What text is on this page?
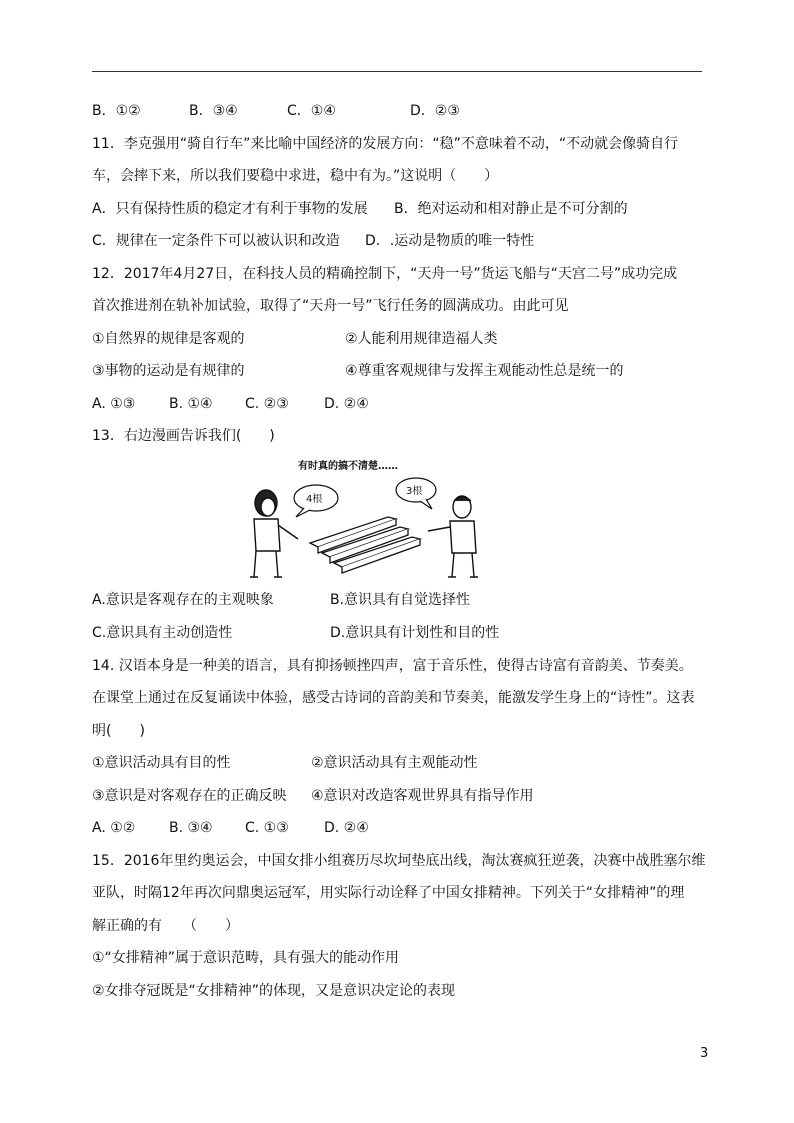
B．①②	B．③④	C．①④	D．②③
11．李克强用“骑自行车”来比喻中国经济的发展方向：“稳”不意味着不动，“不动就会像骑自行
车，会摔下来，所以我们要稳中求进，稳中有为。”这说明（　　）
A．只有保持性质的稳定才有利于事物的发展 B．绝对运动和相对静止是不可分割的
C．规律在一定条件下可以被认识和改造 D．.运动是物质的唯一特性
12．2017年4月27日，在科技人员的精确控制下，“天舟一号”货运飞船与“天宫二号”成功完成
首次推进剂在轨补加试验，取得了“天舟一号”飞行任务的圆满成功。由此可见
①自然界的规律是客观的	②人能利用规律造福人类
③事物的运动是有规律的	④尊重客观规律与发挥主观能动性总是统一的
A. ①③ B. ①④ C. ②③	D. ②④
13．右边漫画告诉我们(　　)
有时真的搞不清楚……
4根
3根
A.意识是客观存在的主观映象	B.意识具有自觉选择性
C.意识具有主动创造性	D.意识具有计划性和目的性
14. 汉语本身是一种美的语言，具有抑扬顿挫四声，富于音乐性，使得古诗富有音韵美、节奏美。
在课堂上通过在反复诵读中体验，感受古诗词的音韵美和节奏美，能激发学生身上的“诗性”。这表
明(　　)
①意识活动具有目的性	②意识活动具有主观能动性
③意识是对客观存在的正确反映 ④意识对改造客观世界具有指导作用
A. ①② B. ③④ C. ①③	D. ②④
15．2016年里约奥运会，中国女排小组赛历尽坎坷垫底出线，淘汰赛疯狂逆袭，决赛中战胜塞尔维
亚队，时隔12年再次问鼎奥运冠军，用实际行动诠释了中国女排精神。下列关于“女排精神”的理
解正确的有　　（　　）
①“女排精神”属于意识范畴，具有强大的能动作用
②女排夺冠既是“女排精神”的体现，又是意识决定论的表现
3
